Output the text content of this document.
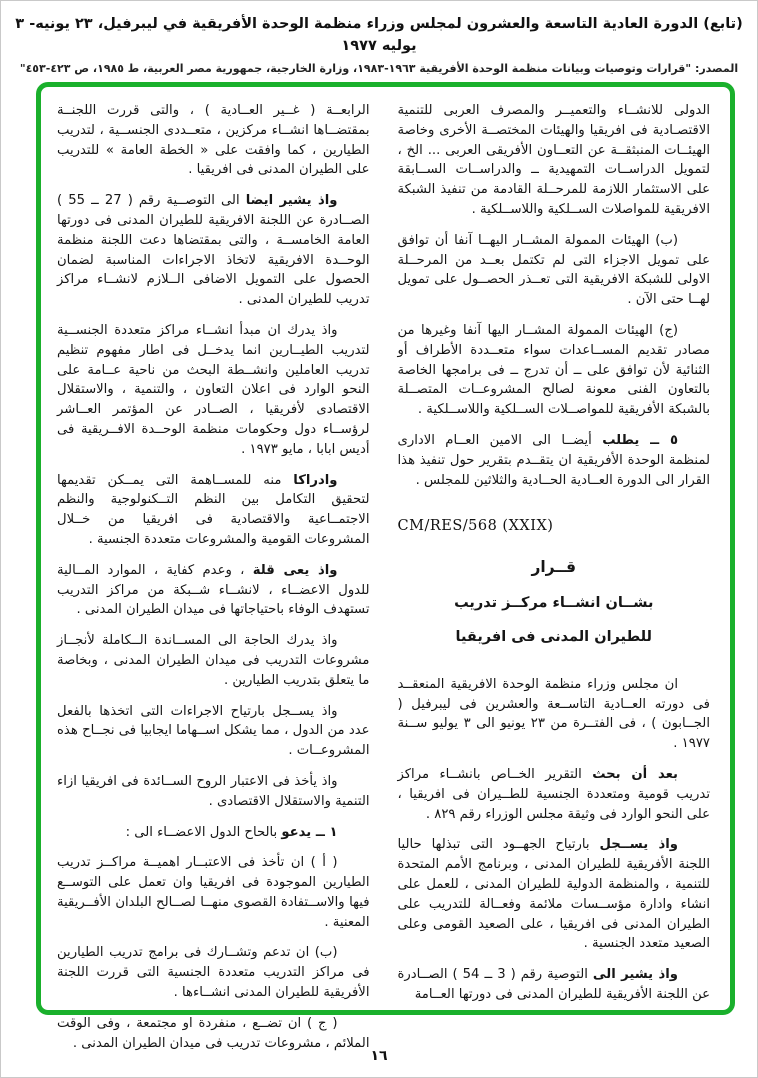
(تابع) الدورة العادية التاسعة والعشرون لمجلس وزراء منظمة الوحدة الأفريقية في ليبرفيل، ٢٣ يونيه- ٣ يوليه ١٩٧٧
المصدر: "قرارات وتوصيات وبيانات منظمة الوحدة الأفريقية ١٩٦٣-١٩٨٣، وزارة الخارجية، جمهورية مصر العربية، ط ١٩٨٥، ص ٤٢٣-٤٥٣"

الدولى للانشــاء والتعميــر والمصرف العربى للتنمية الاقتصـادية فى افريقيا والهيئات المختصــة الأخرى وخاصة الهيئــات المنبثقــة عن التعــاون الأفريقى العربى ... الخ ، لتمويل الدراســات التمهيدية ــ والدراســات الســابقة على الاستثمار اللازمة للمرحــلة القادمة من تنفيذ الشبكة الافريقية للمواصلات الســلكية واللاســلكية .

(ب) الهيئات الممولة المشــار اليهــا آنفا أن توافق على تمويل الاجزاء التى لم تكتمل بعــد من المرحــلة الاولى للشبكة الافريقية التى تعــذر الحصــول على تمويل لهــا حتى الآن .

(ج) الهيئات الممولة المشــار اليها آنفا وغيرها من مصادر تقديم المســاعدات سواء متعــددة الأطراف أو الثنائية لأن توافق على ــ أن تدرج ــ فى برامجها الخاصة بالتعاون الفنى معونة لصالح المشروعــات المتصــلة بالشبكة الأفريقية للمواصــلات الســلكية واللاســلكية .

٥ ــ يطلب أيضــا الى الامين العــام الادارى لمنظمة الوحدة الأفريقية ان يتقــدم بتقرير حول تنفيذ هذا القرار الى الدورة العــادية الحــادية والثلاثين للمجلس .

CM/RES/568 (XXIX)
قــرار
بشــان انشــاء مركــز تدريب
للطيران المدنى فى افريقيا

ان مجلس وزراء منظمة الوحدة الافريقية المنعقــد فى دورته العــادية التاســعة والعشرين فى ليبرفيل ( الجــابون ) ، فى الفتــرة من ٢٣ يونيو الى ٣ يوليو ســنة ١٩٧٧ .

بعد أن بحث التقرير الخــاص بانشــاء مراكز تدريب قومية ومتعددة الجنسية للطــيران فى افريقيا ، على النحو الوارد فى وثيقة مجلس الوزراء رقم ٨٢٩ .

واذ يســجل بارتياح الجهــود التى تبذلها حاليا اللجنة الأفريقية للطيران المدنى ، وبرنامج الأمم المتحدة للتنمية ، والمنظمة الدولية للطيران المدنى ، للعمل على انشاء وادارة مؤســسات ملائمة وفعــالة للتدريب على الطيران المدنى فى افريقيا ، على الصعيد القومى وعلى الصعيد متعدد الجنسية .

واذ يشير الى التوصية رقم ( 3 ــ 54 ) الصــادرة عن اللجنة الأفريقية للطيران المدنى فى دورتها العــامة

الرابعــة ( غــير العــادية ) ، والتى قررت اللجنــة بمقتضــاها انشــاء مركزين ، متعــددى الجنســية ، لتدريب الطيارين ، كما وافقت على « الخطة العامة » للتدريب على الطيران المدنى فى افريقيا .

واذ يشير ايضا الى التوصــية رقم ( 27 ــ 55 ) الصــادرة عن اللجنة الافريقية للطيران المدنى فى دورتها العامة الخامســة ، والتى بمقتضاها دعت اللجنة منظمة الوحــدة الافريقية لاتخاذ الاجراءات المناسبة لضمان الحصول على التمويل الاضافى الــلازم لانشــاء مراكز تدريب للطيران المدنى .

واذ يدرك ان مبدأ انشــاء مراكز متعددة الجنســية لتدريب الطيــارين انما يدخــل فى اطار مفهوم تنظيم تدريب العاملين وانشــطة البحث من ناحية عــامة على النحو الوارد فى اعلان التعاون ، والتنمية ، والاستقلال الاقتصادى لأفريقيا ، الصــادر عن المؤتمر العــاشر لرؤســاء دول وحكومات منظمة الوحــدة الافــريقية فى أديس ابابا ، مايو ١٩٧٣ .

وادراكا منه للمســاهمة التى يمــكن تقديمها لتحقيق التكامل بين النظم التــكنولوجية والنظم الاجتمــاعية والاقتصادية فى افريقيا من خــلال المشروعات القومية والمشروعات متعددة الجنسية .

واذ يعى قلة ، وعدم كفاية ، الموارد المــالية للدول الاعضــاء ، لانشــاء شــبكة من مراكز التدريب تستهدف الوفاء باحتياجاتها فى ميدان الطيران المدنى .

واذ يدرك الحاجة الى المســاندة الــكاملة لأنجــاز مشروعات التدريب فى ميدان الطيران المدنى ، وبخاصة ما يتعلق بتدريب الطيارين .

واذ يســجل بارتياح الاجراءات التى اتخذها بالفعل عدد من الدول ، مما يشكل اســهاما ايجابيا فى نجــاح هذه المشروعــات .

واذ يأخذ فى الاعتبار الروح الســائدة فى افريقيا ازاء التنمية والاستقلال الاقتصادى .

١ ــ يدعو بالحاح الدول الاعضــاء الى :

( أ ) ان تأخذ فى الاعتبــار اهميــة مراكــز تدريب الطيارين الموجودة فى افريقيا وان تعمل على التوســع فيها والاســتفادة القصوى منهــا لصــالح البلدان الأفــريقية المعنية .

(ب) ان تدعم وتشــارك فى برامج تدريب الطيارين فى مراكز التدريب متعددة الجنسية التى قررت اللجنة الأفريقية للطيران المدنى انشــاءها .

( ج ) ان تضــع ، منفردة او مجتمعة ، وفى الوقت الملائم ، مشروعات تدريب فى ميدان الطيران المدنى .

١٦
